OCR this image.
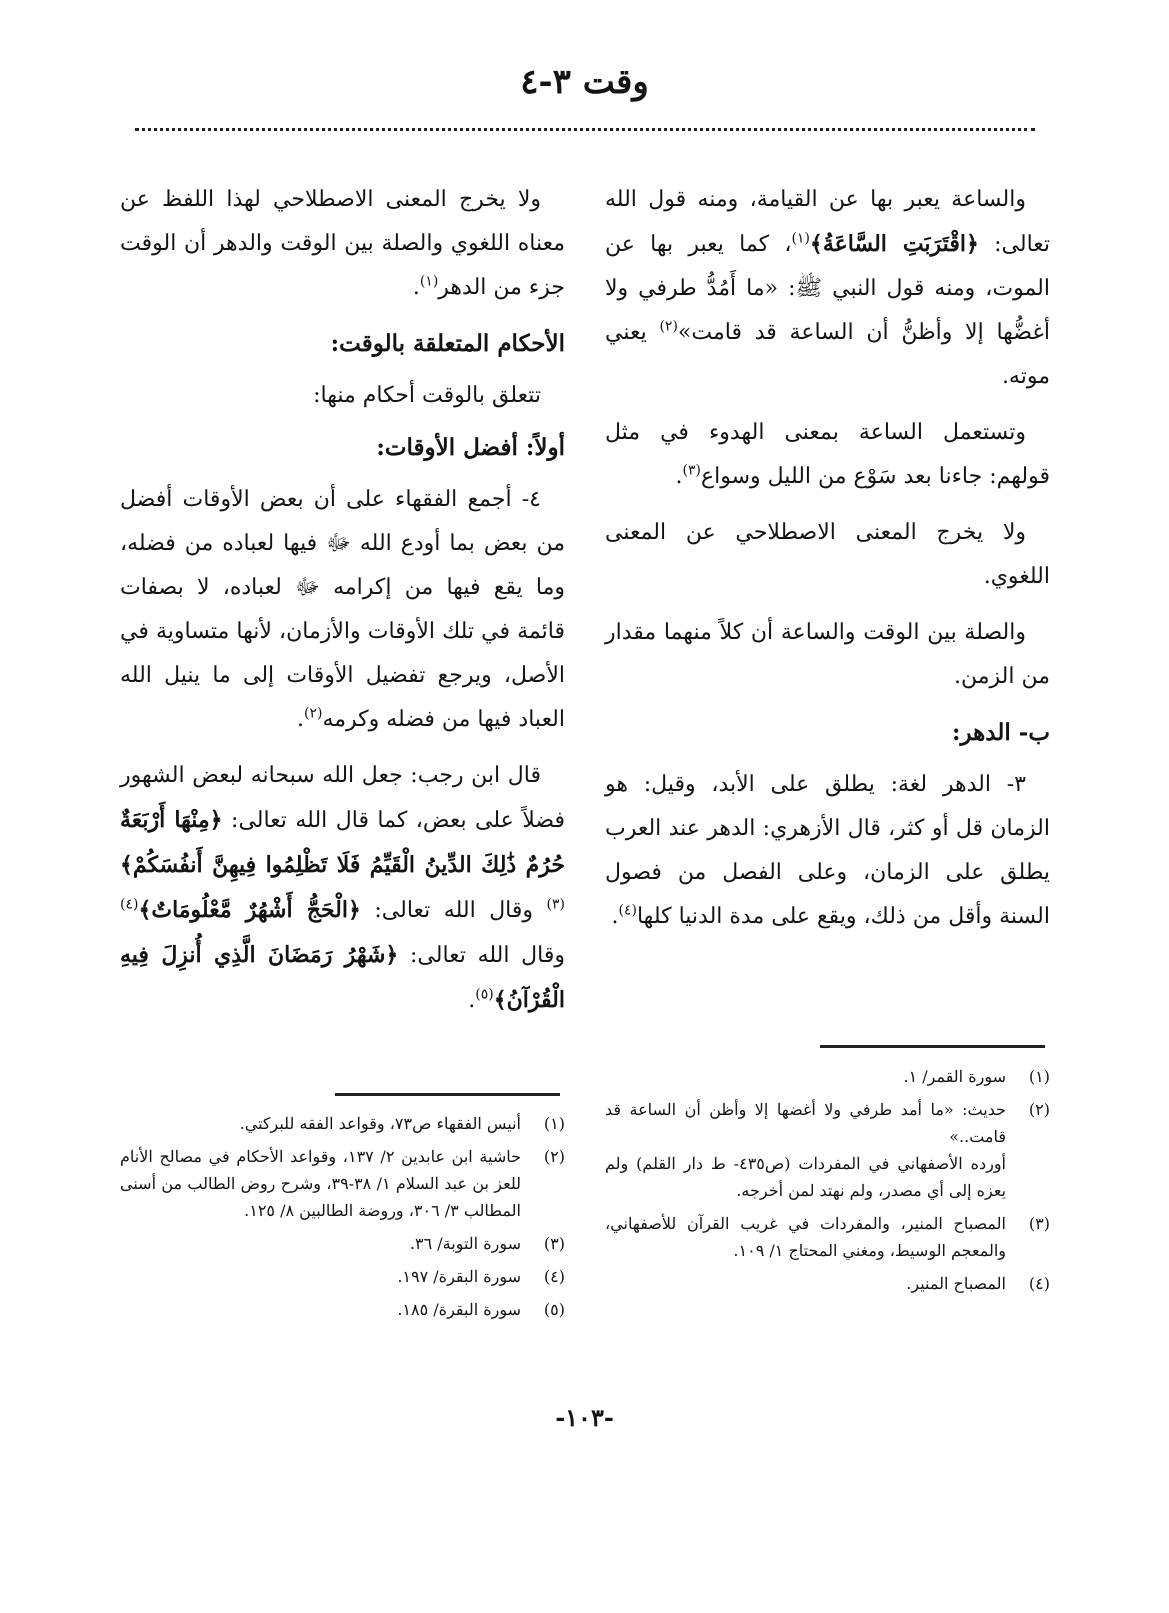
وقت ٣-٤

والساعة يعبر بها عن القيامة، ومنه قول الله تعالى: ﴿اقْتَرَبَتِ السَّاعَةُ﴾$^{(١)}$، كما يعبر بها عن الموت، ومنه قول النبي ﷺ: «ما أَمُدُّ طرفي ولا أغضُّها إلا وأظنُّ أن الساعة قد قامت»$^{(٢)}$ يعني موته.

وتستعمل الساعة بمعنى الهدوء في مثل قولهم: جاءنا بعد سَوْع من الليل وسواع$^{(٣)}$.

ولا يخرج المعنى الاصطلاحي عن المعنى اللغوي.

والصلة بين الوقت والساعة أن كلاً منهما مقدار من الزمن.

ب- الدهر:

٣- الدهر لغة: يطلق على الأبد، وقيل: هو الزمان قل أو كثر، قال الأزهري: الدهر عند العرب يطلق على الزمان، وعلى الفصل من فصول السنة وأقل من ذلك، ويقع على مدة الدنيا كلها$^{(٤)}$.

ولا يخرج المعنى الاصطلاحي لهذا اللفظ عن معناه اللغوي والصلة بين الوقت والدهر أن الوقت جزء من الدهر$^{(١)}$.

الأحكام المتعلقة بالوقت:

تتعلق بالوقت أحكام منها:

أولاً: أفضل الأوقات:

٤- أجمع الفقهاء على أن بعض الأوقات أفضل من بعض بما أودع الله ﷻ فيها لعباده من فضله، وما يقع فيها من إكرامه ﷻ لعباده، لا بصفات قائمة في تلك الأوقات والأزمان، لأنها متساوية في الأصل، ويرجع تفضيل الأوقات إلى ما ينيل الله العباد فيها من فضله وكرمه$^{(٢)}$.

قال ابن رجب: جعل الله سبحانه لبعض الشهور فضلاً على بعض، كما قال الله تعالى: ﴿مِنْهَا أَرْبَعَةٌ حُرُمٌ ذَٰلِكَ الدِّينُ الْقَيِّمُ فَلَا تَظْلِمُوا فِيهِنَّ أَنفُسَكُمْ﴾$^{(٣)}$ وقال الله تعالى: ﴿الْحَجُّ أَشْهُرٌ مَّعْلُومَاتٌ﴾$^{(٤)}$ وقال الله تعالى: ﴿شَهْرُ رَمَضَانَ الَّذِي أُنزِلَ فِيهِ الْقُرْآنُ﴾$^{(٥)}$.

(١)
سورة القمر/ ١.
(٢)
حديث: «ما أمد طرفي ولا أغضها إلا وأظن أن الساعة قد قامت..»
أورده الأصفهاني في المفردات (ص٤٣٥- ط دار القلم) ولم يعزه إلى أي مصدر، ولم نهتد لمن أخرجه.
(٣)
المصباح المنير، والمفردات في غريب القرآن للأصفهاني، والمعجم الوسيط، ومغني المحتاج ١/ ١٠٩.
(٤)
المصباح المنير.
(١)
أنيس الفقهاء ص٧٣، وقواعد الفقه للبركتي.
(٢)
حاشية ابن عابدين ٢/ ١٣٧، وقواعد الأحكام في مصالح الأنام للعز بن عبد السلام ١/ ٣٨-٣٩، وشرح روض الطالب من أسنى المطالب ٣/ ٣٠٦، وروضة الطالبين ٨/ ١٢٥.
(٣)
سورة التوبة/ ٣٦.
(٤)
سورة البقرة/ ١٩٧.
(٥)
سورة البقرة/ ١٨٥.
-١٠٣-
